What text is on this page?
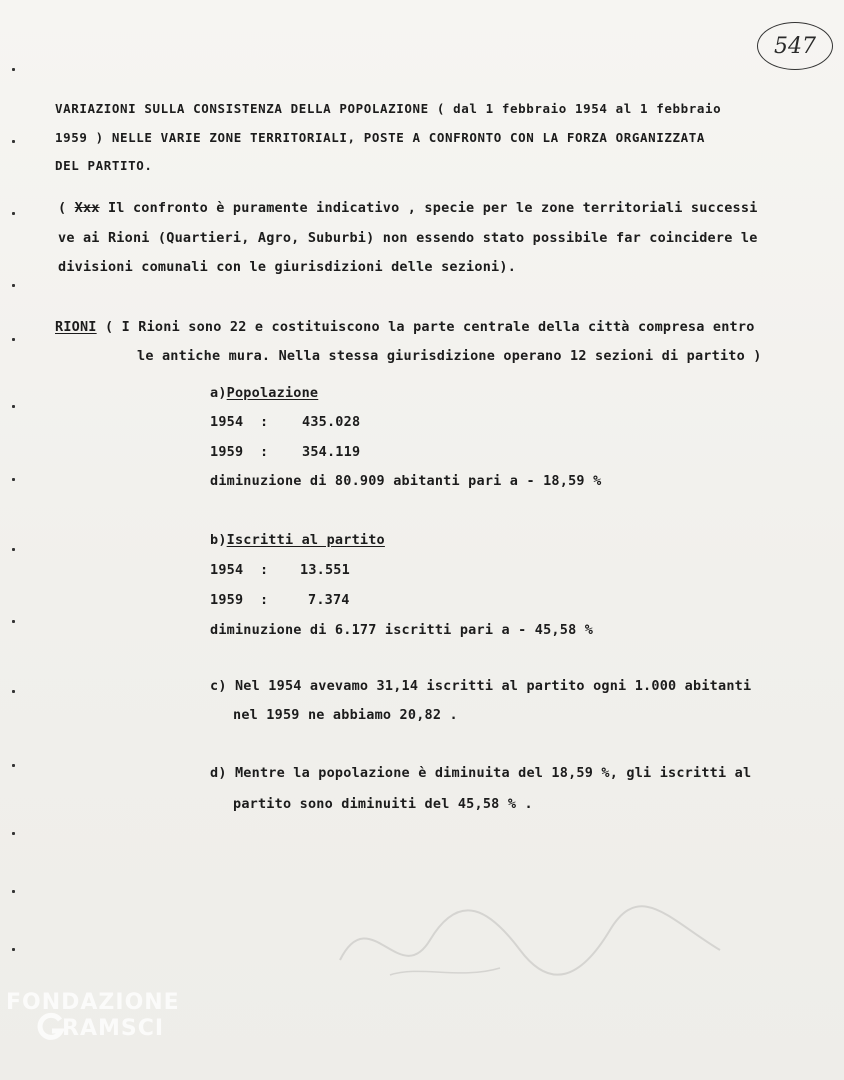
547
VARIAZIONI SULLA CONSISTENZA DELLA POPOLAZIONE ( dal 1 febbraio 1954 al 1 febbraio
1959 ) NELLE VARIE ZONE TERRITORIALI, POSTE A CONFRONTO CON LA FORZA ORGANIZZATA
DEL PARTITO.
( Xxx Il confronto è puramente indicativo , specie per le zone territoriali successi
ve ai Rioni (Quartieri, Agro, Suburbi) non essendo stato possibile far coincidere le
divisioni comunali con le giurisdizioni delle sezioni).
RIONI ( I Rioni sono 22 e costituiscono la parte centrale della città compresa entro
le antiche mura. Nella stessa giurisdizione operano 12 sezioni di partito )
a)Popolazione
1954 : 435.028
1959 : 354.119
diminuzione di 80.909 abitanti pari a - 18,59 %
b)Iscritti al partito
1954 : 13.551
1959 :	7.374
diminuzione di 6.177 iscritti pari a - 45,58 %
c) Nel 1954 avevamo 31,14 iscritti al partito ogni 1.000 abitanti
nel 1959 ne abbiamo 20,82 .
d) Mentre la popolazione è diminuita del 18,59 %, gli iscritti al
partito sono diminuiti del 45,58 % .
FONDAZIONE
RAMSCI
